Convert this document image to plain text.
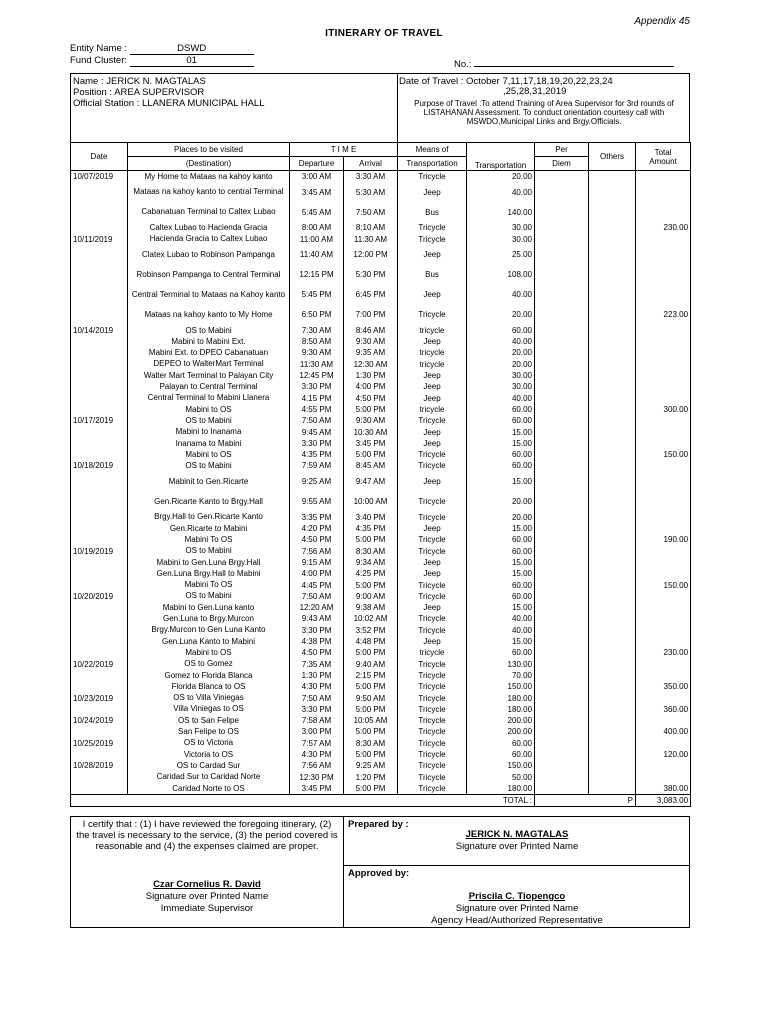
Appendix 45
ITINERARY OF TRAVEL
Entity Name :	DSWD
Fund Cluster:	01	No.:
Name : JERICK N. MAGTALAS
Position : AREA SUPERVISOR
Official Station : LLANERA MUNICIPAL HALL
Date of Travel : October 7,11,17,18,19,20,22,23,24
,25,28,31,2019
Purpose of Travel :To attend Training of Area Supervisor for 3rd rounds of LISTAHANAN Assessment. To conduct orientation courtesy call with MSWDO,Municipal Links and Brgy.Officials.
Date	Places to be visited	T I M E		Means of	Transportation	Per	Others	Total
Amount

	(Destination)	Departure	Arrival	Transportation		Diem		
10/07/2019	My Home to Mataas na kahoy kanto	3:00 AM	3:30 AM	Tricycle	20.00			
	Mataas na kahoy kanto to central Terminal	3:45 AM	5:30 AM	Jeep	40.00			
	Cabanatuan Terminal to Caltex Lubao	5:45 AM	7:50 AM	Bus	140.00			
	Caltex Lubao to Hacienda Gracia	8:00 AM	8:10 AM	Tricycle	30.00			230.00
10/11/2019	Hacienda Gracia to Caltex Lubao	11:00 AM	11:30 AM	Tricycle	30.00			
	Clatex Lubao to Robinson Pampanga	11:40 AM	12:00 PM	Jeep	25.00			
	Robinson Pampanga to Central Terminal	12:15 PM	5:30 PM	Bus	108.00			
	Central Terminal to Mataas na Kahoy kanto	5:45 PM	6:45 PM	Jeep	40.00			
	Mataas na kahoy kanto to My Home	6:50 PM	7:00 PM	Tricycle	20.00			223.00
10/14/2019	OS to Mabini	7:30 AM	8:46 AM	tricycle	60.00			
	Mabini to Mabini Ext.	8:50 AM	9:30 AM	Jeep	40.00			
	Mabini Ext. to DPEO Cabanatuan	9:30 AM	9:35 AM	tricycle	20.00			
	DEPEO to WalterMart Terminal	11:30 AM	12:30 AM	tricycle	20.00			
	Walter Mart Terminal to Palayan City	12:45 PM	1:30 PM	Jeep	30.00			
	Palayan to Central Terminal	3:30 PM	4:00 PM	Jeep	30.00			
	Central Terminal to Mabini Llanera	4:15 PM	4:50 PM	Jeep	40.00			
	Mabini to OS	4:55 PM	5:00 PM	tricycle	60.00			300.00
10/17/2019	OS to Mabini	7:50 AM	9:30 AM	Tricycle	60.00			
	Mabini to Inanama	9:45 AM	10:30 AM	Jeep	15.00			
	Inanama to Mabini	3:30 PM	3:45 PM	Jeep	15.00			
	Mabini to OS	4:35 PM	5:00 PM	Tricycle	60.00			150.00
10/18/2019	OS to Mabini	7:59 AM	8:45 AM	Tricycle	60.00			
	Mabinit to Gen.Ricarte	9:25 AM	9:47 AM	Jeep	15.00			
	Gen.Ricarte Kanto to Brgy.Hall	9:55 AM	10:00 AM	Tricycle	20.00			
	Brgy.Hall to Gen.Ricarte Kanto	3:35 PM	3:40 PM	Tricycle	20.00			
	Gen.Ricarte to Mabini	4:20 PM	4:35 PM	Jeep	15.00			
	Mabini To OS	4:50 PM	5:00 PM	Tricycle	60.00			190.00
10/19/2019	OS to Mabini	7:56 AM	8:30 AM	Tricycle	60.00			
	Mabini to Gen.Luna Brgy.Hall	9:15 AM	9:34 AM	Jeep	15.00			
	Gen.Luna Brgy.Hall to Mabini	4:00 PM	4:25 PM	Jeep	15.00			
	Mabini To OS	4:45 PM	5:00 PM	Tricycle	60.00			150.00
10/20/2019	OS to Mabini	7:50 AM	9:00 AM	Tricycle	60.00			
	Mabini to Gen.Luna kanto	12:20 AM	9:38 AM	Jeep	15.00			
	Gen.Luna to Brgy.Murcon	9:43 AM	10:02 AM	Tricycle	40.00			
	Brgy.Murcon to Gen Luna Kanto	3:30 PM	3:52 PM	Tricycle	40.00			
	Gen.Luna Kanto to Mabini	4:38 PM	4:48 PM	Jeep	15.00			
	Mabini to OS	4:50 PM	5:00 PM	tricycle	60.00			230.00
10/22/2019	OS to Gomez	7:35 AM	9:40 AM	Tricycle	130.00			
	Gomez to Florida Blanca	1:30 PM	2:15 PM	Tricycle	70.00			
	Florida Blanca to OS	4:30 PM	5:00 PM	Tricycle	150.00			350.00
10/23/2019	OS to Villa Viniegas	7:50 AM	9:50 AM	Tricycle	180.00			
	Villa Viniegas to OS	3:30 PM	5:00 PM	Tricycle	180.00			360.00
10/24/2019	OS to San Felipe	7:58 AM	10:05 AM	Tricycle	200.00			
	San Felipe to OS	3:00 PM	5:00 PM	Tricycle	200.00			400.00
10/25/2019	OS to Victoria	7:57 AM	8:30 AM	Tricycle	60.00			
	Victoria to OS	4:30 PM	5:00 PM	Tricycle	60.00			120.00
10/28/2019	OS to Cardad Sur	7:56 AM	9:25 AM	Tricycle	150.00			
	Caridad Sur to Caridad Norte	12:30 PM	1:20 PM	Tricycle	50.00			
	Caridad Norte to OS	3:45 PM	5:00 PM	Tricycle	180.00			380.00
					TOTAL :	P		3,083.00
I certify that : (1) I have reviewed the foregoing itinerary, (2) the travel is necessary to the service, (3) the period covered is reasonable and (4) the expenses claimed are proper.
Czar Cornelius R. David
Signature over Printed Name
Immediate Supervisor
Prepared by :
JERICK N. MAGTALAS
Signature over Printed Name
Approved by:
Priscila C. Tiopengco
Signature over Printed Name
Agency Head/Authorized Representative
